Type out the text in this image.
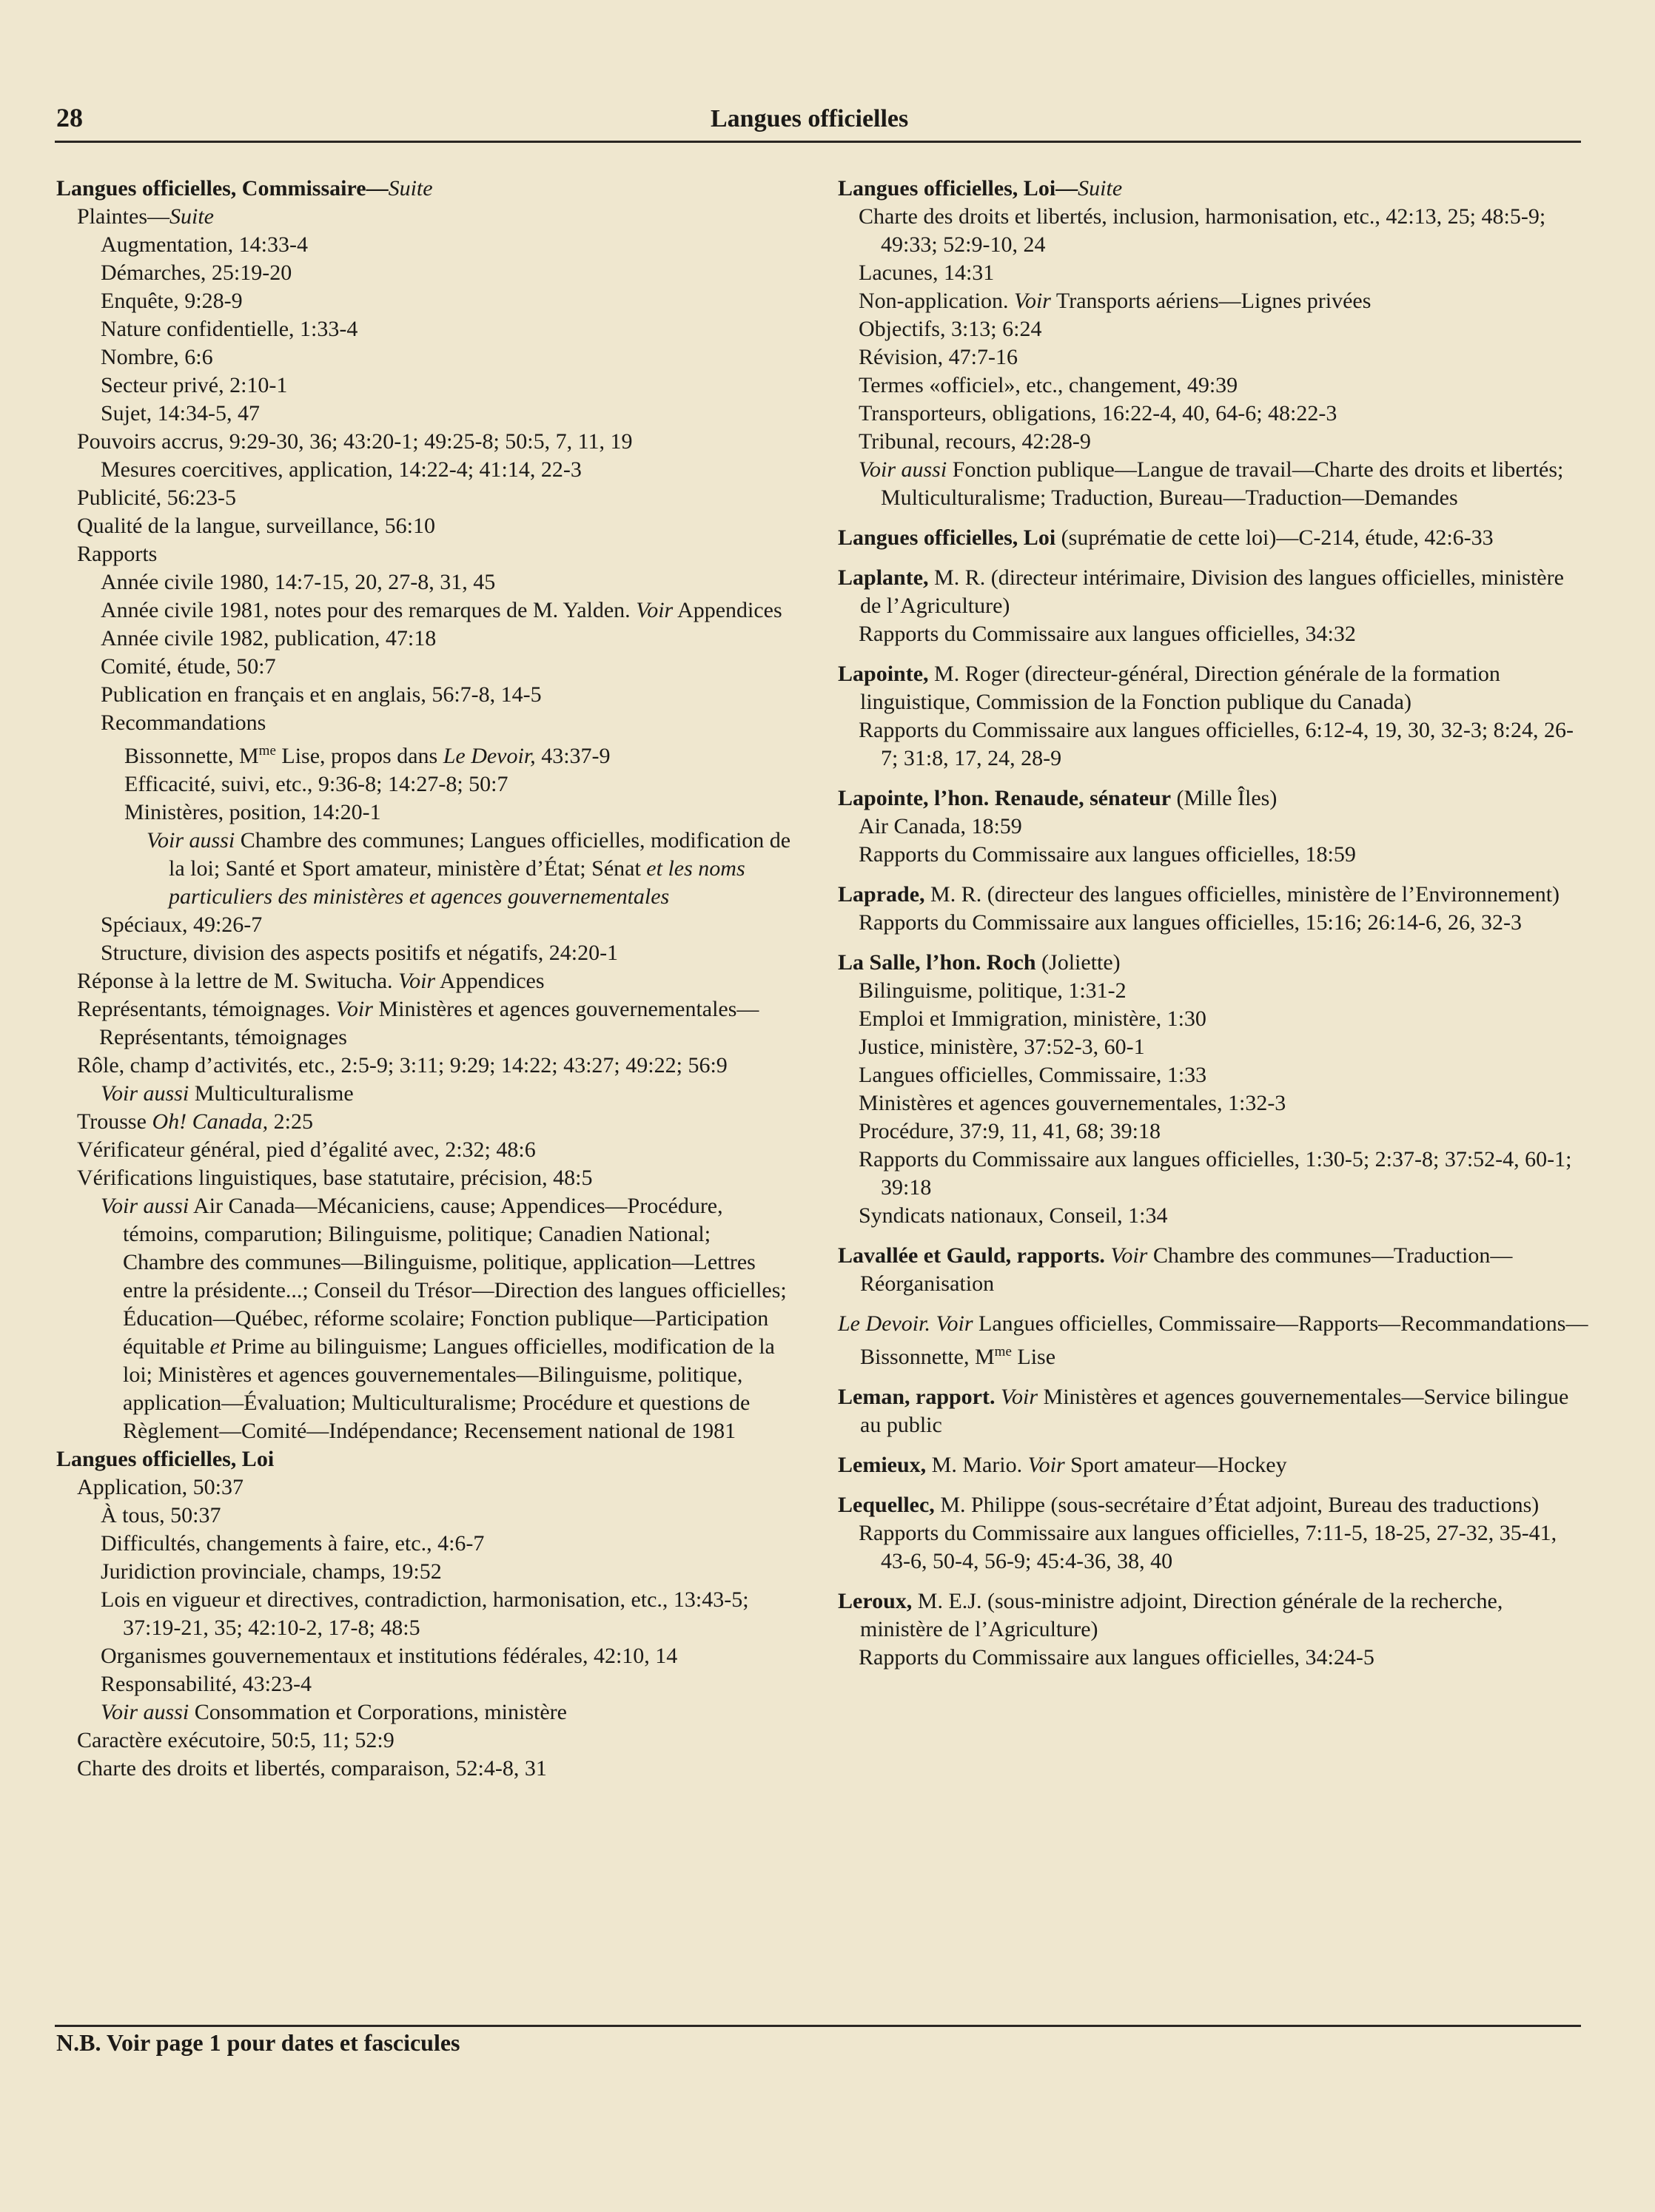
28	Langues officielles

Langues officielles, Commissaire—Suite

Plaintes—Suite

Augmentation, 14:33-4

Démarches, 25:19-20

Enquête, 9:28-9

Nature confidentielle, 1:33-4

Nombre, 6:6

Secteur privé, 2:10-1

Sujet, 14:34-5, 47

Pouvoirs accrus, 9:29-30, 36; 43:20-1; 49:25-8; 50:5, 7, 11, 19

Mesures coercitives, application, 14:22-4; 41:14, 22-3

Publicité, 56:23-5

Qualité de la langue, surveillance, 56:10

Rapports

Année civile 1980, 14:7-15, 20, 27-8, 31, 45

Année civile 1981, notes pour des remarques de M. Yalden. Voir Appendices

Année civile 1982, publication, 47:18

Comité, étude, 50:7

Publication en français et en anglais, 56:7-8, 14-5

Recommandations

Bissonnette, $M^{me}$ Lise, propos dans Le Devoir, 43:37-9

Efficacité, suivi, etc., 9:36-8; 14:27-8; 50:7

Ministères, position, 14:20-1

Voir aussi Chambre des communes; Langues officielles, modification de la loi; Santé et Sport amateur, ministère d’État; Sénat et les noms particuliers des ministères et agences gouvernementales

Spéciaux, 49:26-7

Structure, division des aspects positifs et négatifs, 24:20-1

Réponse à la lettre de M. Switucha. Voir Appendices

Représentants, témoignages. Voir Ministères et agences gouvernementales—Représentants, témoignages

Rôle, champ d’activités, etc., 2:5-9; 3:11; 9:29; 14:22; 43:27; 49:22; 56:9

Voir aussi Multiculturalisme

Trousse Oh! Canada, 2:25

Vérificateur général, pied d’égalité avec, 2:32; 48:6

Vérifications linguistiques, base statutaire, précision, 48:5

Voir aussi Air Canada—Mécaniciens, cause; Appendices—Procédure, témoins, comparution; Bilinguisme, politique; Canadien National; Chambre des communes—Bilinguisme, politique, application—Lettres entre la présidente...; Conseil du Trésor—Direction des langues officielles; Éducation—Québec, réforme scolaire; Fonction publique—Participation équitable et Prime au bilinguisme; Langues officielles, modification de la loi; Ministères et agences gouvernementales—Bilinguisme, politique, application—Évaluation; Multiculturalisme; Procédure et questions de Règlement—Comité—Indépendance; Recensement national de 1981

Langues officielles, Loi

Application, 50:37

À tous, 50:37

Difficultés, changements à faire, etc., 4:6-7

Juridiction provinciale, champs, 19:52

Lois en vigueur et directives, contradiction, harmonisation, etc., 13:43-5; 37:19-21, 35; 42:10-2, 17-8; 48:5

Organismes gouvernementaux et institutions fédérales, 42:10, 14

Responsabilité, 43:23-4

Voir aussi Consommation et Corporations, ministère

Caractère exécutoire, 50:5, 11; 52:9

Charte des droits et libertés, comparaison, 52:4-8, 31

Langues officielles, Loi—Suite

Charte des droits et libertés, inclusion, harmonisation, etc., 42:13, 25; 48:5-9; 49:33; 52:9-10, 24

Lacunes, 14:31

Non-application. Voir Transports aériens—Lignes privées

Objectifs, 3:13; 6:24

Révision, 47:7-16

Termes «officiel», etc., changement, 49:39

Transporteurs, obligations, 16:22-4, 40, 64-6; 48:22-3

Tribunal, recours, 42:28-9

Voir aussi Fonction publique—Langue de travail—Charte des droits et libertés; Multiculturalisme; Traduction, Bureau—Traduction—Demandes

Langues officielles, Loi (suprématie de cette loi)—C-214, étude, 42:6-33

Laplante, M. R. (directeur intérimaire, Division des langues officielles, ministère de l’Agriculture)

Rapports du Commissaire aux langues officielles, 34:32

Lapointe, M. Roger (directeur-général, Direction générale de la formation linguistique, Commission de la Fonction publique du Canada)

Rapports du Commissaire aux langues officielles, 6:12-4, 19, 30, 32-3; 8:24, 26-7; 31:8, 17, 24, 28-9

Lapointe, l’hon. Renaude, sénateur (Mille Îles)

Air Canada, 18:59

Rapports du Commissaire aux langues officielles, 18:59

Laprade, M. R. (directeur des langues officielles, ministère de l’Environnement)

Rapports du Commissaire aux langues officielles, 15:16; 26:14-6, 26, 32-3

La Salle, l’hon. Roch (Joliette)

Bilinguisme, politique, 1:31-2

Emploi et Immigration, ministère, 1:30

Justice, ministère, 37:52-3, 60-1

Langues officielles, Commissaire, 1:33

Ministères et agences gouvernementales, 1:32-3

Procédure, 37:9, 11, 41, 68; 39:18

Rapports du Commissaire aux langues officielles, 1:30-5; 2:37-8; 37:52-4, 60-1; 39:18

Syndicats nationaux, Conseil, 1:34

Lavallée et Gauld, rapports. Voir Chambre des communes—Traduction—Réorganisation

Le Devoir. Voir Langues officielles, Commissaire—Rapports—Recommandations—Bissonnette, $M^{me}$ Lise

Leman, rapport. Voir Ministères et agences gouvernementales—Service bilingue au public

Lemieux, M. Mario. Voir Sport amateur—Hockey

Lequellec, M. Philippe (sous-secrétaire d’État adjoint, Bureau des traductions)

Rapports du Commissaire aux langues officielles, 7:11-5, 18-25, 27-32, 35-41, 43-6, 50-4, 56-9; 45:4-36, 38, 40

Leroux, M. E.J. (sous-ministre adjoint, Direction générale de la recherche, ministère de l’Agriculture)

Rapports du Commissaire aux langues officielles, 34:24-5

N.B. Voir page 1 pour dates et fascicules
